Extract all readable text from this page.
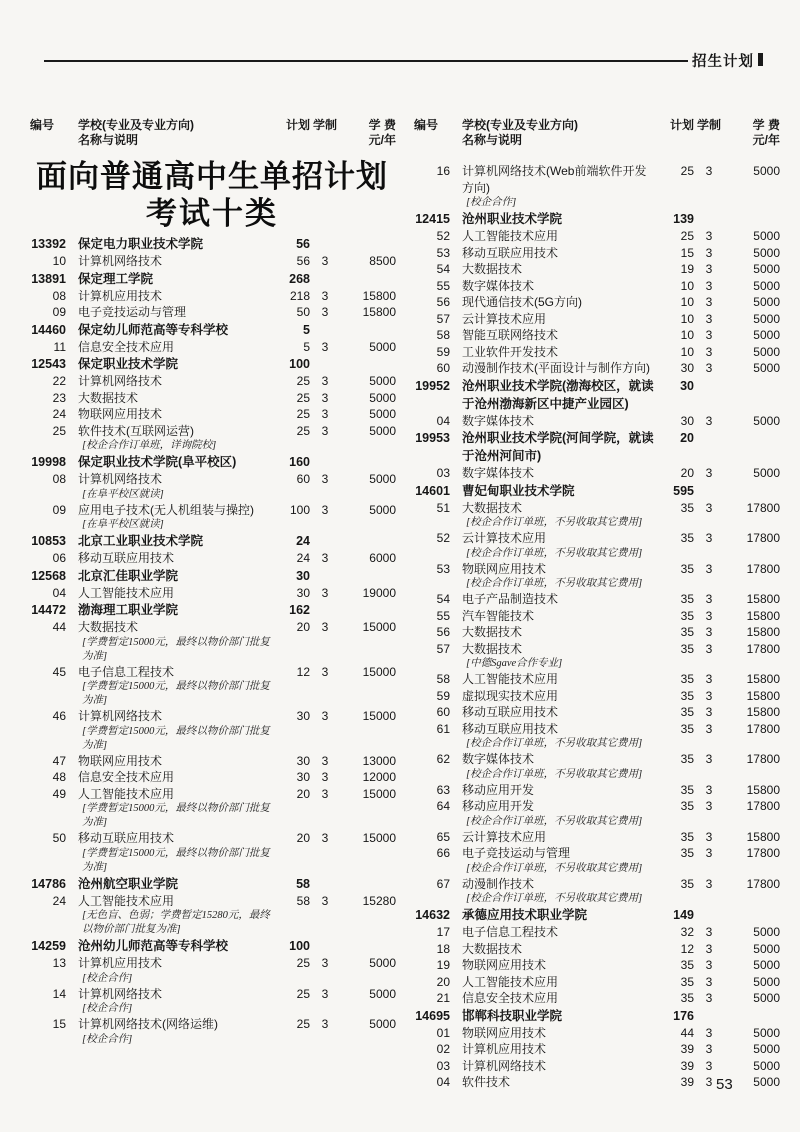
招生计划
编号	学校(专业及专业方向)
名称与说明
计划 学制	学 费
元/年
编号	学校(专业及专业方向)
名称与说明
计划 学制	学 费
元/年
面向普通高中生单招计划
考试十类
13392 保定电力职业技术学院	56
10	计算机网络技术	56 3	8500
13891 保定理工学院	268
08	计算机应用技术	218 3	15800
09	电子竞技运动与管理	50 3	15800
14460 保定幼儿师范高等专科学校	5
11	信息安全技术应用	5 3	5000
12543 保定职业技术学院	100
22	计算机网络技术	25 3	5000
23	大数据技术	25 3	5000
24	物联网应用技术	25 3	5000
25	软件技术(互联网运营)	25 3	5000
[校企合作订单班，详询院校]
19998 保定职业技术学院(阜平校区)	160
08	计算机网络技术	60 3	5000
[在阜平校区就读]
09	应用电子技术(无人机组装与操控)	100 3	5000
[在阜平校区就读]
10853 北京工业职业技术学院	24
06	移动互联应用技术	24 3	6000
12568 北京汇佳职业学院	30
04	人工智能技术应用	30 3	19000
14472 渤海理工职业学院	162
44	大数据技术	20 3	15000
[学费暂定15000元，最终以物价部门批复为准]
45	电子信息工程技术	12 3	15000
[学费暂定15000元，最终以物价部门批复为准]
46	计算机网络技术	30 3	15000
[学费暂定15000元，最终以物价部门批复为准]
47	物联网应用技术	30 3	13000
48	信息安全技术应用	30 3	12000
49	人工智能技术应用	20 3	15000
[学费暂定15000元，最终以物价部门批复为准]
50	移动互联应用技术	20 3	15000
[学费暂定15000元，最终以物价部门批复为准]
14786 沧州航空职业学院	58
24	人工智能技术应用	58 3	15280
[无色盲、色弱；学费暂定15280元，最终以物价部门批复为准]
14259 沧州幼儿师范高等专科学校	100
13	计算机应用技术	25 3	5000
[校企合作]
14	计算机网络技术	25 3	5000
[校企合作]
15	计算机网络技术(网络运维)	25 3	5000
[校企合作]
16	计算机网络技术(Web前端软件开发方向)
25 3	5000
[校企合作]
12415 沧州职业技术学院	139
52	人工智能技术应用	25 3	5000
53	移动互联应用技术	15 3	5000
54	大数据技术	19 3	5000
55	数字媒体技术	10 3	5000
56	现代通信技术(5G方向)	10 3	5000
57	云计算技术应用	10 3	5000
58	智能互联网络技术	10 3	5000
59	工业软件开发技术	10 3	5000
60	动漫制作技术(平面设计与制作方向)	30 3	5000
19952 沧州职业技术学院(渤海校区，就读于沧州渤海新区中捷产业园区)
30
04	数字媒体技术	30 3	5000
19953 沧州职业技术学院(河间学院，就读于沧州河间市)
20
03	数字媒体技术	20 3	5000
14601 曹妃甸职业技术学院	595
51	大数据技术	35 3	17800
[校企合作订单班，不另收取其它费用]
52	云计算技术应用	35 3	17800
[校企合作订单班，不另收取其它费用]
53	物联网应用技术	35 3	17800
[校企合作订单班，不另收取其它费用]
54	电子产品制造技术	35 3	15800
55	汽车智能技术	35 3	15800
56	大数据技术	35 3	15800
57	大数据技术	35 3	17800
[中德Sgave合作专业]
58	人工智能技术应用	35 3	15800
59	虚拟现实技术应用	35 3	15800
60	移动互联应用技术	35 3	15800
61	移动互联应用技术	35 3	17800
[校企合作订单班，不另收取其它费用]
62	数字媒体技术	35 3	17800
[校企合作订单班，不另收取其它费用]
63	移动应用开发	35 3	15800
64	移动应用开发	35 3	17800
[校企合作订单班，不另收取其它费用]
65	云计算技术应用	35 3	15800
66	电子竞技运动与管理	35 3	17800
[校企合作订单班，不另收取其它费用]
67	动漫制作技术	35 3	17800
[校企合作订单班，不另收取其它费用]
14632 承德应用技术职业学院	149
17	电子信息工程技术	32 3	5000
18	大数据技术	12 3	5000
19	物联网应用技术	35 3	5000
20	人工智能技术应用	35 3	5000
21	信息安全技术应用	35 3	5000
14695 邯郸科技职业学院	176
01	物联网应用技术	44 3	5000
02	计算机应用技术	39 3	5000
03	计算机网络技术	39 3	5000
04	软件技术	39 3	5000
53
